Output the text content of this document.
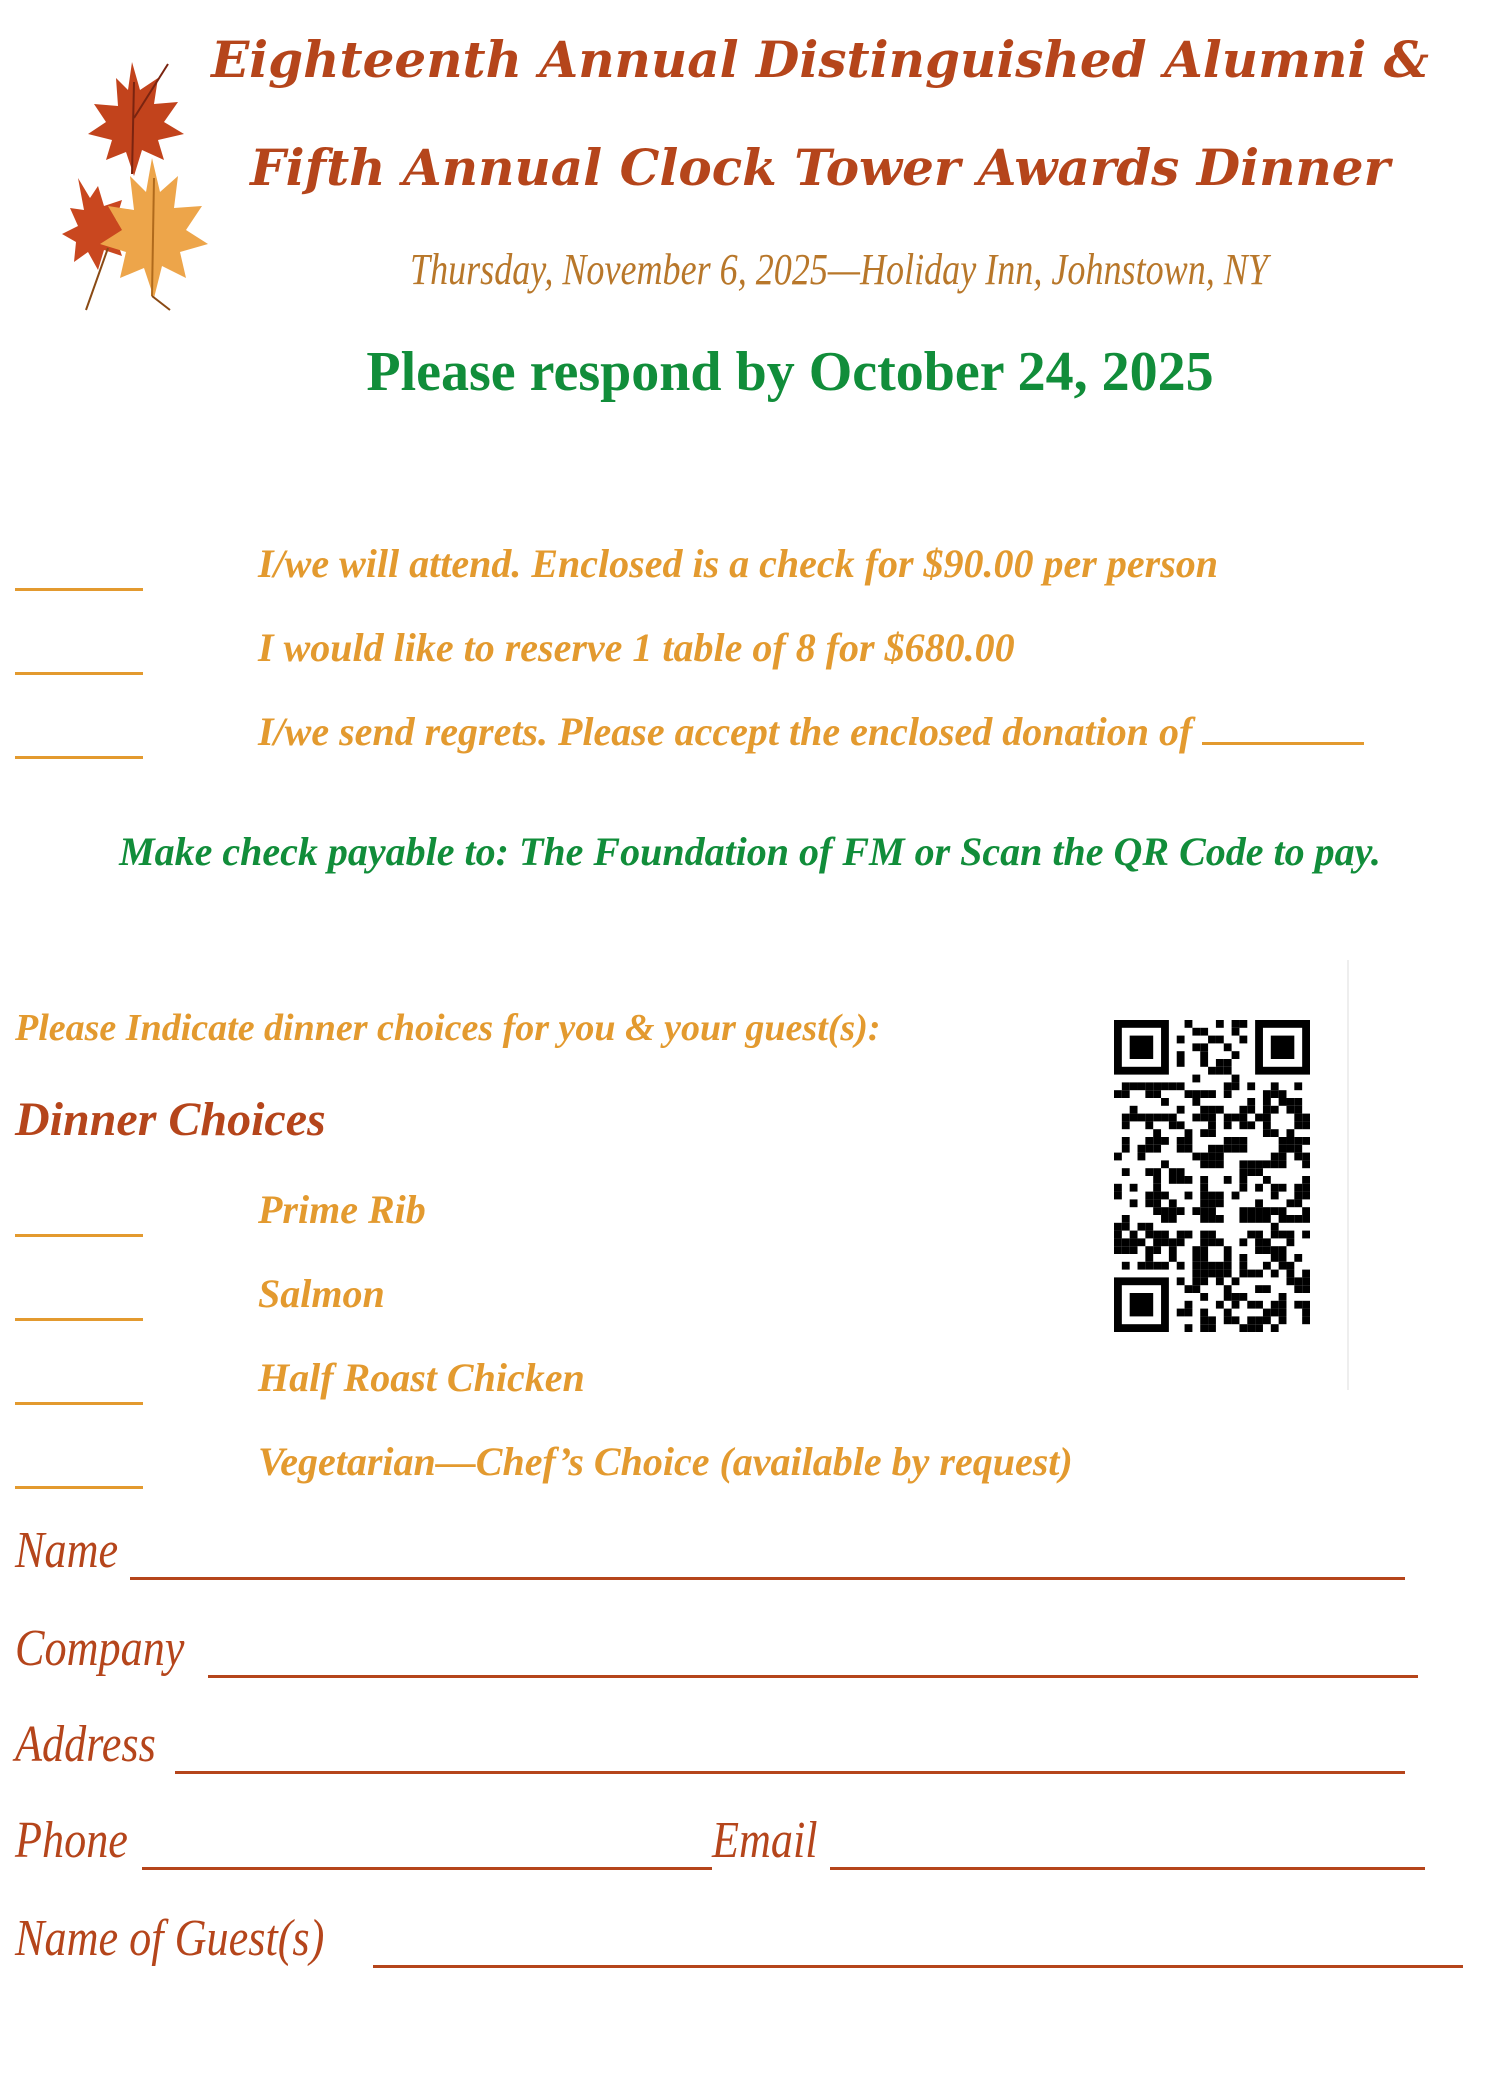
Eighteenth Annual Distinguished Alumni &
Fifth Annual Clock Tower Awards Dinner
Thursday, November 6, 2025—Holiday Inn, Johnstown, NY
Please respond by October 24, 2025
I/we will attend. Enclosed is a check for $90.00 per person
I would like to reserve 1 table of 8 for $680.00
I/we send regrets. Please accept the enclosed donation of
Make check payable to: The Foundation of FM or Scan the QR Code to pay.
Please Indicate dinner choices for you & your guest(s):
Dinner Choices
Prime Rib
Salmon
Half Roast Chicken
Vegetarian—Chef’s Choice (available by request)
Name
Company
Address
Phone	Email
Name of Guest(s)
